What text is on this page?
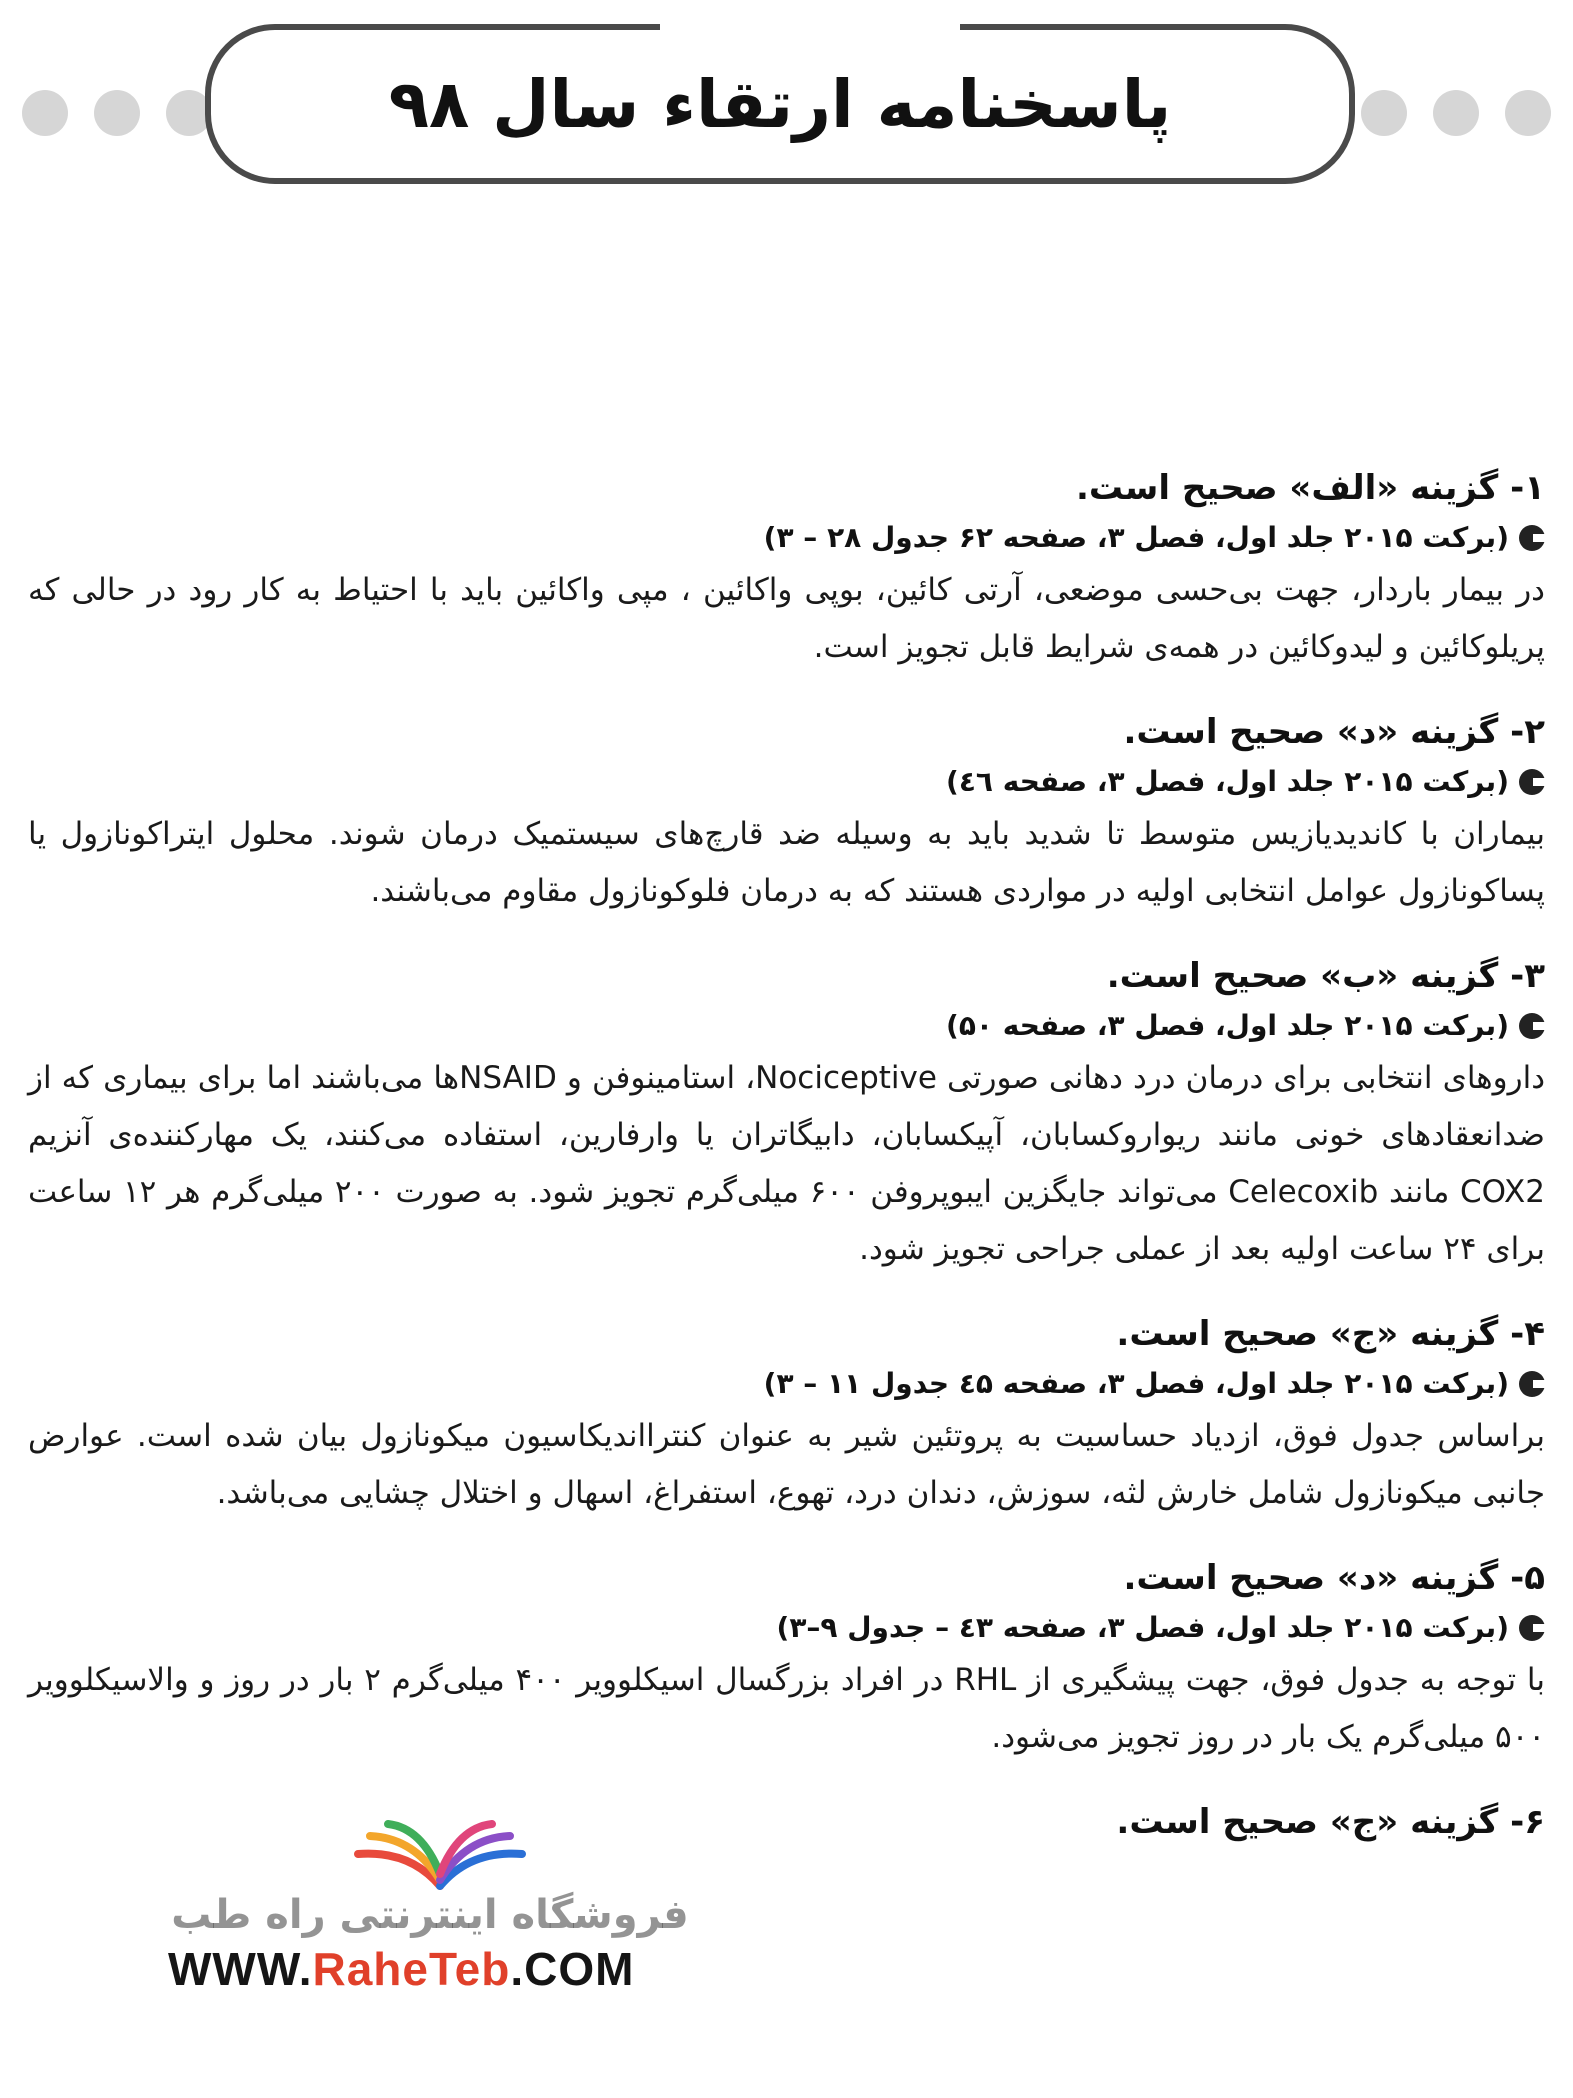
پاسخنامه ارتقاء سال ۹۸
۱- گزینه «الف» صحیح است.
(برکت ۲۰۱۵ جلد اول، فصل ۳، صفحه ۶۲ جدول ۲۸ – ۳)
در بیمار باردار، جهت بی‌حسی موضعی، آرتی کائین، بوپی واکائین ، مپی واکائین باید با احتیاط به کار رود در حالی که پریلوکائین و لیدوکائین در همه‌ی شرایط قابل تجویز است.
۲- گزینه «د» صحیح است.
(برکت ۲۰۱۵ جلد اول، فصل ۳، صفحه ٤٦)
بیماران با کاندیدیازیس متوسط تا شدید باید به وسیله ضد قارچ‌های سیستمیک درمان شوند. محلول ایتراکونازول یا پساکونازول عوامل انتخابی اولیه در مواردی هستند که به درمان فلوکونازول مقاوم می‌باشند.
۳- گزینه «ب» صحیح است.
(برکت ۲۰۱۵ جلد اول، فصل ۳، صفحه ۵۰)
داروهای انتخابی برای درمان درد دهانی صورتی Nociceptive، استامینوفن و NSAIDها می‌باشند اما برای بیماری که از ضدانعقادهای خونی مانند ریواروکسابان، آپیکسابان، دابیگاتران یا وارفارین، استفاده می‌کنند، یک مهارکننده‌ی آنزیم COX2 مانند Celecoxib می‌تواند جایگزین ایبوپروفن ۶۰۰ میلی‌گرم تجویز شود. به صورت ۲۰۰ میلی‌گرم هر ۱۲ ساعت برای ۲۴ ساعت اولیه بعد از عملی جراحی تجویز شود.
۴- گزینه «ج» صحیح است.
(برکت ۲۰۱۵ جلد اول، فصل ۳، صفحه ٤۵ جدول ۱۱ – ۳)
براساس جدول فوق، ازدیاد حساسیت به پروتئین شیر به عنوان کنترااندیکاسیون میکونازول بیان شده است. عوارض جانبی میکونازول شامل خارش لثه، سوزش، دندان درد، تهوع، استفراغ، اسهال و اختلال چشایی می‌باشد.
۵- گزینه «د» صحیح است.
(برکت ۲۰۱۵ جلد اول، فصل ۳، صفحه ٤۳ – جدول ۹–۳)
با توجه به جدول فوق، جهت پیشگیری از RHL در افراد بزرگسال اسیکلوویر ۴۰۰ میلی‌گرم ۲ بار در روز و والاسیکلوویر ۵۰۰ میلی‌گرم یک بار در روز تجویز می‌شود.
۶- گزینه «ج» صحیح است.
فروشگاه اینترنتی راه طب
WWW.RaheTeb.COM
